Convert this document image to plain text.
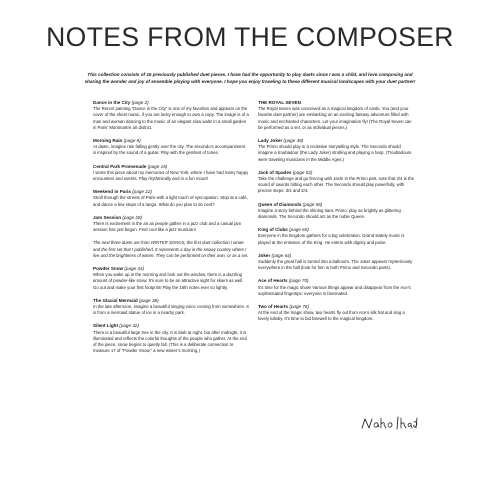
NOTES FROM THE COMPOSER

This collection consists of 15 previously published duet pieces. I have had the opportunity to play duets since I was a child, and love composing and sharing the wonder and joy of ensemble playing with everyone. I hope you enjoy traveling to these different musical landscapes with your duet partner!

Dance in the City (page 2)

The Renoir painting “Dance in the City” is one of my favorites and appears on the cover of the sheet music, if you are lucky enough to own a copy. The image is of a man and woman dancing to the music of an elegant slow waltz in a small garden in Paris’ Montmartre art district.

Morning Rain (page 8)

At dawn, imagine rain falling gently over the city. The secondo’s accompaniment is inspired by the sound of a guitar. Play with the gentlest of tones.

Central Park Promenade (page 16)

I wrote this piece about my memories of New York, where I have had many happy encounters and events. Play rhythmically and in a fun mood!

Weekend in Paris (page 22)

Stroll through the streets of Paris with a light touch of syncopation. Stop at a café, and dance a few steps of a tango. What do you plan to do next?

Jam Session (page 28)

There is excitement in the air as people gather in a jazz club and a casual jam session has just begun. Feel cool like a jazz musician!

The next three duets are from WINTER SONGS, the first duet collection I wrote and the first set that I published. It represents a day in the snowy country where I live and the brightness of winter. They can be performed on their own, or as a set.

Powder Snow (page 34)

When you wake up in the morning and look out the window, there is a dazzling amount of powder-like snow. It’s sure to be an attractive sight for skiers as well. Go out and make your first footprint! Play the 16th notes ever so lightly.

The Glacial Mermaid (page 38)

In the late afternoon, imagine a beautiful singing voice coming from somewhere. It is from a mermaid statue of ice in a nearby park.

Silent Light (page 42)

There is a beautiful large tree in the city. It is dark at night, but after midnight, it is illuminated and reflects the colorful thoughts of the people who gather. At the end of the piece, snow begins to quietly fall. (This is a deliberate connection to measure 17 of “Powder Snow,” a new winter’s morning.)

THE ROYAL SEVEN

The Royal Seven was conceived as a magical kingdom of cards. You (and your favorite duet partner) are embarking on an exciting fantasy adventure filled with music and enchanted characters. Let your imagination fly! (The Royal Seven can be performed as a set, or as individual pieces.)

Lady Joker (page 48)

The Primo should play in a recitative storytelling style. The Secondo should imagine a troubadour (the Lady Joker) strolling and playing a harp. (Troubadours were traveling musicians in the Middle Ages.)

Jack of Spades (page 52)

Take the challenge and go fencing with Jack! In the Primo part, note that 2/4 is the sound of swords hitting each other. The Secondo should play powerfully, with precise steps: 3/4 and 2/4.

Queen of Diamonds (page 56)

Imagine a story behind the shining tiara. Primo: play as brightly as glittering diamonds. The Secondo should act as the noble Queen.

King of Clubs (page 60)

Everyone in the kingdom gathers for a big celebration. Grand stately music is played at the entrance of the King. He enters with dignity and poise.

Joker (page 64)

Suddenly the great hall is turned into a ballroom. The Joker appears mysteriously everywhere in the hall (look for him in both Primo and Secondo parts).

Ace of Hearts (page 70)

It’s time for the magic show! Various things appear and disappear from the Ace’s sophisticated fingertips: everyone is fascinated.

Two of Hearts (page 76)

At the end of the magic show, two hearts fly out from Ace’s silk hat and sing a lovely lullaby. It’s time to bid farewell to the magical kingdom.
